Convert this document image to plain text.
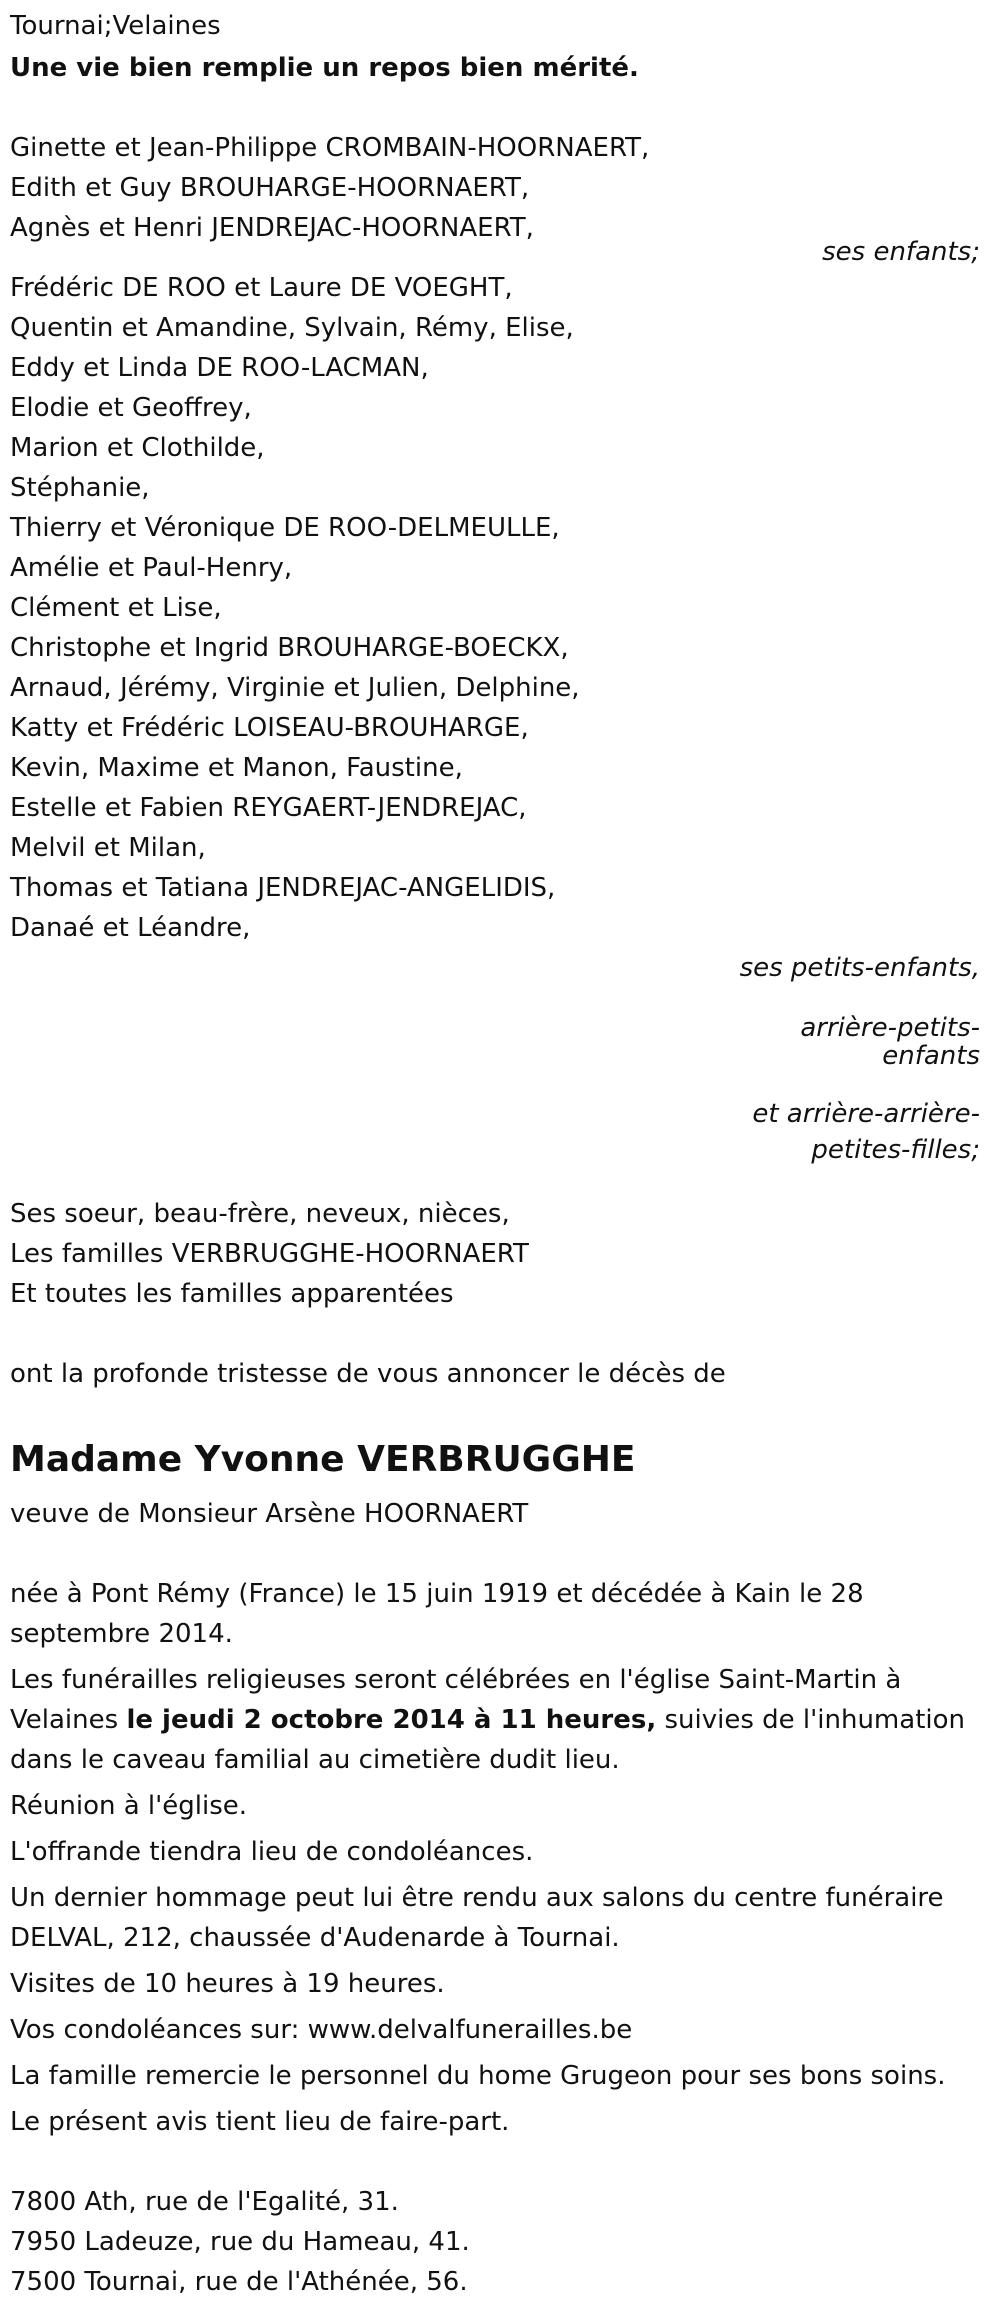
Tournai;Velaines

Une vie bien remplie un repos bien mérité.

Ginette et Jean-Philippe CROMBAIN-HOORNAERT,

Edith et Guy BROUHARGE-HOORNAERT,

Agnès et Henri JENDREJAC-HOORNAERT,

ses enfants;

Frédéric DE ROO et Laure DE VOEGHT,

Quentin et Amandine, Sylvain, Rémy, Elise,

Eddy et Linda DE ROO-LACMAN,

Elodie et Geoffrey,

Marion et Clothilde,

Stéphanie,

Thierry et Véronique DE ROO-DELMEULLE,

Amélie et Paul-Henry,

Clément et Lise,

Christophe et Ingrid BROUHARGE-BOECKX,

Arnaud, Jérémy, Virginie et Julien, Delphine,

Katty et Frédéric LOISEAU-BROUHARGE,

Kevin, Maxime et Manon, Faustine,

Estelle et Fabien REYGAERT-JENDREJAC,

Melvil et Milan,

Thomas et Tatiana JENDREJAC-ANGELIDIS,

Danaé et Léandre,

ses petits-enfants,

arrière-petits-enfants

et arrière-arrière-petites-filles;

Ses soeur, beau-frère, neveux, nièces,

Les familles VERBRUGGHE-HOORNAERT

Et toutes les familles apparentées

ont la profonde tristesse de vous annoncer le décès de

Madame Yvonne VERBRUGGHE

veuve de Monsieur Arsène HOORNAERT

née à Pont Rémy (France) le 15 juin 1919 et décédée à Kain le 28 septembre 2014.

Les funérailles religieuses seront célébrées en l'église Saint-Martin à Velaines le jeudi 2 octobre 2014 à 11 heures, suivies de l'inhumation dans le caveau familial au cimetière dudit lieu.

Réunion à l'église.

L'offrande tiendra lieu de condoléances.

Un dernier hommage peut lui être rendu aux salons du centre funéraire DELVAL, 212, chaussée d'Audenarde à Tournai.

Visites de 10 heures à 19 heures.

Vos condoléances sur: www.delvalfunerailles.be

La famille remercie le personnel du home Grugeon pour ses bons soins.

Le présent avis tient lieu de faire-part.

7800 Ath, rue de l'Egalité, 31.

7950 Ladeuze, rue du Hameau, 41.

7500 Tournai, rue de l'Athénée, 56.
